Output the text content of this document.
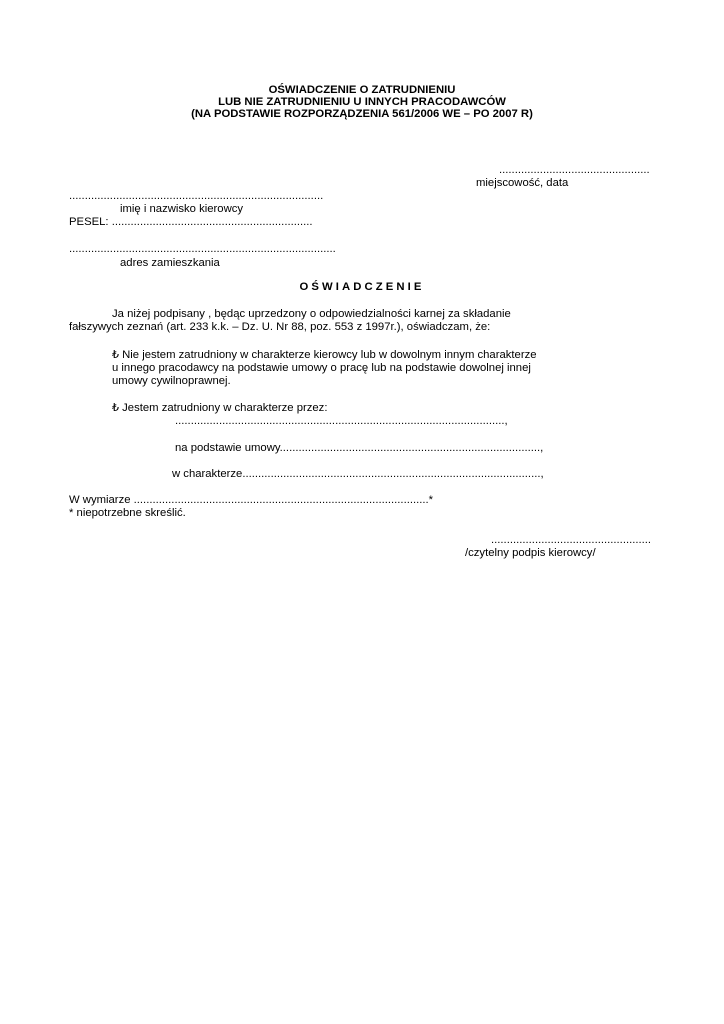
OŚWIADCZENIE O ZATRUDNIENIU
LUB NIE ZATRUDNIENIU U INNYCH PRACODAWCÓW
(NA PODSTAWIE ROZPORZĄDZENIA 561/2006 WE – PO 2007 R)
................................................
miejscowość, data
.................................................................................
imię i nazwisko kierowcy
PESEL: ................................................................
.....................................................................................
adres zamieszkania
OŚWIADCZENIE
Ja niżej podpisany , będąc uprzedzony o odpowiedzialności karnej za składanie
fałszywych zeznań (art. 233 k.k. – Dz. U. Nr 88, poz. 553 z 1997r.), oświadczam, że:
₺ Nie jestem zatrudniony w charakterze kierowcy lub w dowolnym innym charakterze
u innego pracodawcy na podstawie umowy o pracę lub na podstawie dowolnej innej
umowy cywilnoprawnej.
₺ Jestem zatrudniony w charakterze przez:
.........................................................................................................,
na podstawie umowy...................................................................................,
w charakterze...............................................................................................,
W wymiarze ..............................................................................................*
* niepotrzebne skreślić.
...................................................
/czytelny podpis kierowcy/
